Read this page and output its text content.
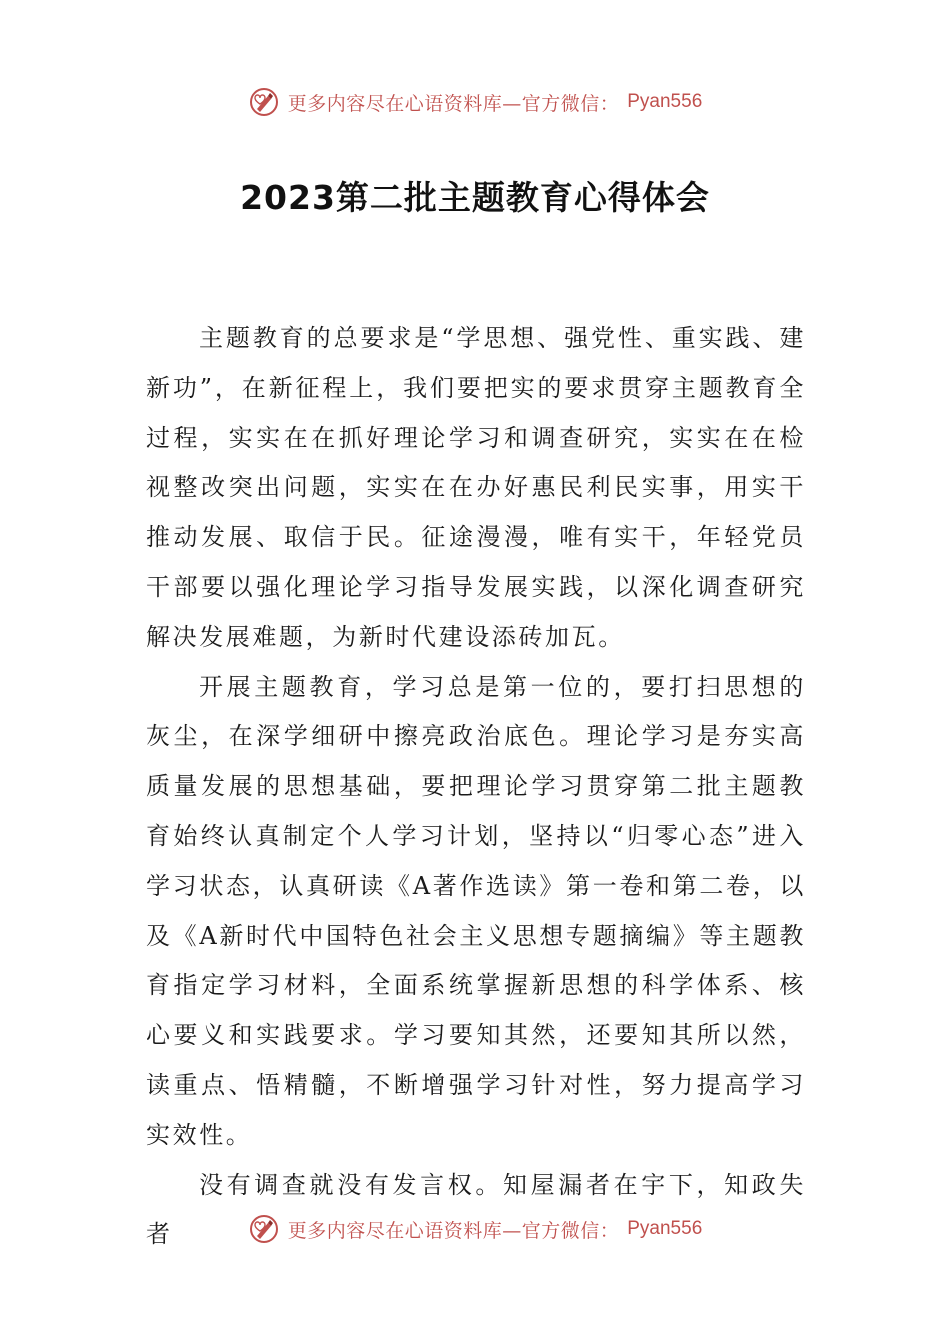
更多内容尽在心语资料库—官方微信： Pyan556
2023第二批主题教育心得体会

主题教育的总要求是“学思想、强党性、重实践、建新功”，在新征程上，我们要把实的要求贯穿主题教育全过程，实实在在抓好理论学习和调查研究，实实在在检视整改突出问题，实实在在办好惠民利民实事，用实干推动发展、取信于民。征途漫漫，唯有实干，年轻党员干部要以强化理论学习指导发展实践，以深化调查研究解决发展难题，为新时代建设添砖加瓦。

开展主题教育，学习总是第一位的，要打扫思想的灰尘，在深学细研中擦亮政治底色。理论学习是夯实高质量发展的思想基础，要把理论学习贯穿第二批主题教育始终认真制定个人学习计划，坚持以“归零心态”进入学习状态，认真研读《A著作选读》第一卷和第二卷，以及《A新时代中国特色社会主义思想专题摘编》等主题教育指定学习材料，全面系统掌握新思想的科学体系、核心要义和实践要求。学习要知其然，还要知其所以然，读重点、悟精髓，不断增强学习针对性，努力提高学习实效性。

没有调查就没有发言权。知屋漏者在宇下，知政失者	更多内容尽在心语资料库—官方微信： Pyan556
